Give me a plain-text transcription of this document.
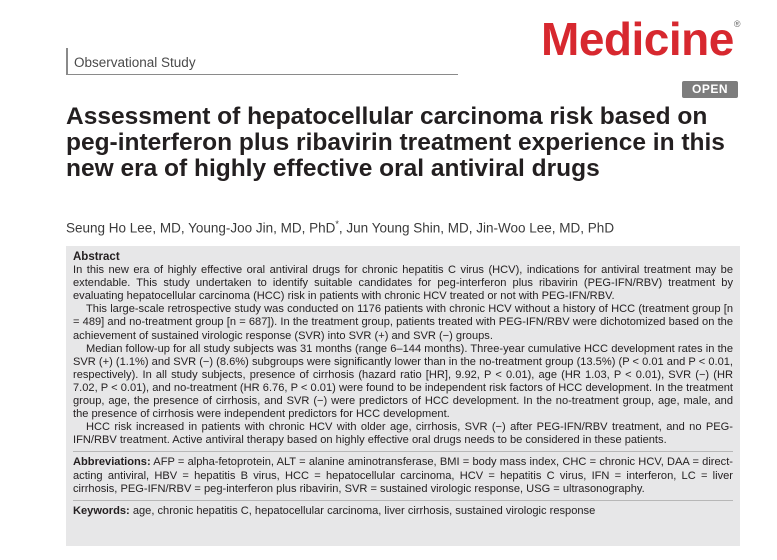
Observational Study	Medicine®
OPEN
Assessment of hepatocellular carcinoma risk based on peg-interferon plus ribavirin treatment experience in this new era of highly effective oral antiviral drugs
Seung Ho Lee, MD, Young-Joo Jin, MD, PhD*, Jun Young Shin, MD, Jin-Woo Lee, MD, PhD

Abstract

In this new era of highly effective oral antiviral drugs for chronic hepatitis C virus (HCV), indications for antiviral treatment may be extendable. This study undertaken to identify suitable candidates for peg-interferon plus ribavirin (PEG-IFN/RBV) treatment by evaluating hepatocellular carcinoma (HCC) risk in patients with chronic HCV treated or not with PEG-IFN/RBV.

This large-scale retrospective study was conducted on 1176 patients with chronic HCV without a history of HCC (treatment group [n = 489] and no-treatment group [n = 687]). In the treatment group, patients treated with PEG-IFN/RBV were dichotomized based on the achievement of sustained virologic response (SVR) into SVR (+) and SVR (−) groups.

Median follow-up for all study subjects was 31 months (range 6–144 months). Three-year cumulative HCC development rates in the SVR (+) (1.1%) and SVR (−) (8.6%) subgroups were significantly lower than in the no-treatment group (13.5%) (P < 0.01 and P < 0.01, respectively). In all study subjects, presence of cirrhosis (hazard ratio [HR], 9.92, P < 0.01), age (HR 1.03, P < 0.01), SVR (−) (HR 7.02, P < 0.01), and no-treatment (HR 6.76, P < 0.01) were found to be independent risk factors of HCC development. In the treatment group, age, the presence of cirrhosis, and SVR (−) were predictors of HCC development. In the no-treatment group, age, male, and the presence of cirrhosis were independent predictors for HCC development.

HCC risk increased in patients with chronic HCV with older age, cirrhosis, SVR (−) after PEG-IFN/RBV treatment, and no PEG-IFN/RBV treatment. Active antiviral therapy based on highly effective oral drugs needs to be considered in these patients.

Abbreviations: AFP = alpha-fetoprotein, ALT = alanine aminotransferase, BMI = body mass index, CHC = chronic HCV, DAA = direct-acting antiviral, HBV = hepatitis B virus, HCC = hepatocellular carcinoma, HCV = hepatitis C virus, IFN = interferon, LC = liver cirrhosis, PEG-IFN/RBV = peg-interferon plus ribavirin, SVR = sustained virologic response, USG = ultrasonography.

Keywords: age, chronic hepatitis C, hepatocellular carcinoma, liver cirrhosis, sustained virologic response
